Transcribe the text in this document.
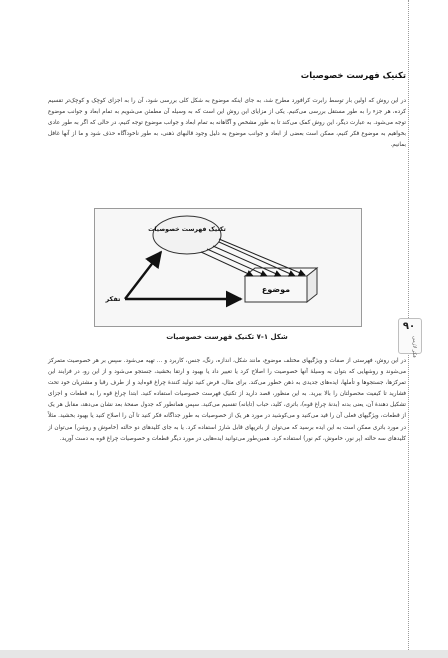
۹۰
فکر لازمی
تکنیک فهرست خصوصیات
در این روش که اولین بار توسط رابرت کرافورد مطرح شد، به جای اینکه موضوع به شکل کلی بررسی شود، آن را به اجزای کوچک و کوچک‌تر تقسیم کرده، هر جزء را به طور مستقل بررسی می‌کنیم. یکی از مزایای این روش این است که به وسیله آن مطمئن می‌شویم به تمام ابعاد و جوانب موضوع توجه می‌شود. به عبارت دیگر، این روش کمک می‌کند تا به طور مشخص و آگاهانه به تمام ابعاد و جوانب موضوع توجه کنیم، در حالی که اگر به طور عادی بخواهیم به موضوع فکر کنیم، ممکن است بعضی از ابعاد و جوانب موضوع به دلیل وجود قالبهای ذهنی، به طور ناخودآگاه حذف شود و ما از آنها غافل بمانیم.
تکنیک فهرست خصوصیات
موضوع
تفکر
شکل ۱-۷ تکنیک فهرست خصوصیات
در این روش، فهرستی از صفات و ویژگیهای مختلف موضوع، مانند شکل، اندازه، رنگ، جنس، کاربرد و ... تهیه می‌شود. سپس بر هر خصوصیت متمرکز می‌شوند و روشهایی که بتوان به وسیلهٔ آنها خصوصیت را اصلاح کرد یا تغییر داد یا بهبود و ارتقا بخشید، جستجو می‌شود و از این رو، در فرایند این تمرکزها، جستجوها و تأملها، ایده‌های جدیدی به ذهن خطور می‌کند. برای مثال، فرض کنید تولید کنندهٔ چراغ قوه‌اید و از طرف رقبا و مشتریان خود تحت فشارید تا کیفیت محصولتان را بالا ببرید. به این منظور، قصد دارید از تکنیک فهرست خصوصیات استفاده کنید. ابتدا چراغ قوه را به قطعات و اجزای تشکیل دهندهٔ آن، یعنی بدنه (بدنهٔ چراغ قوه)، باتری، کلید، حباب (تابانه) تقسیم می‌کنید. سپس همانطور که جدول صفحهٔ بعد نشان می‌دهد، مقابل هر یک از قطعات، ویژگیهای فعلی آن را قید می‌کنید و می‌کوشید در مورد هر یک از خصوصیات به طور جداگانه فکر کنید تا آن را اصلاح کنید یا بهبود بخشید. مثلاً در مورد باتری ممکن است به این ایده برسید که می‌توان از باتریهای قابل شارژ استفاده کرد. یا به جای کلیدهای دو حالته (خاموش و روشن) می‌توان از کلیدهای سه حالته (پر نور، خاموش، کم نور) استفاده کرد. همین‌طور می‌توانید ایده‌هایی در مورد دیگر قطعات و خصوصیات چراغ قوه به دست آورید.
